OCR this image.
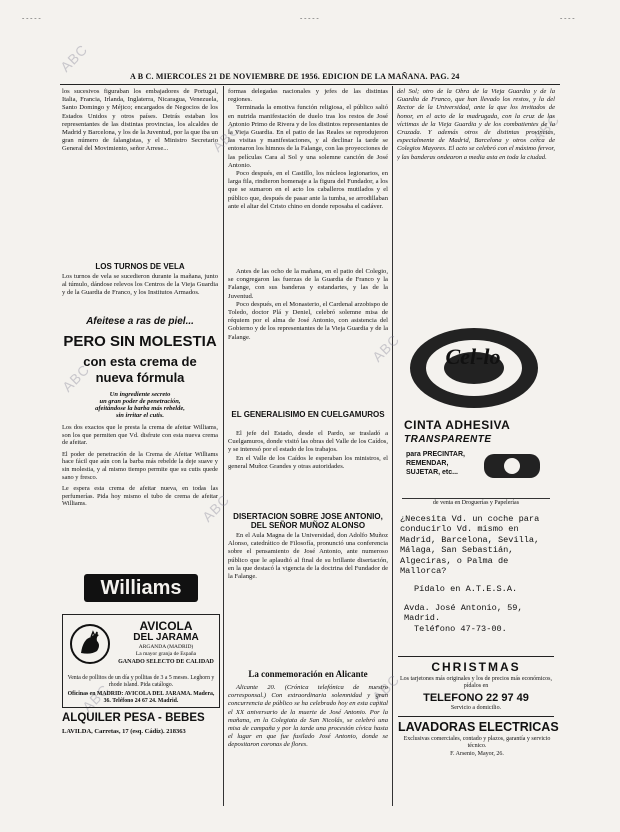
- - - - -	- - - - -	- - - -
A B C. MIERCOLES 21 DE NOVIEMBRE DE 1956. EDICION DE LA MAÑANA. PAG. 24
ABC
ABC	ABC
ABC
ABC
ABC
ABC	ABC

los sucesivos figuraban los embajadores de Portugal, Italia, Francia, Irlanda, Inglaterra, Nicaragua, Venezuela, Santo Domingo y Méjico; encargados de Negocios de los Estados Unidos y otros países. Detrás estaban los representantes de las distintas provincias, los alcaldes de Madrid y Barcelona, y los de la Juventud, por la que iba un gran número de falangistas, y el Ministro Secretario General del Movimiento, señor Arrese...

LOS TURNOS DE VELA

Los turnos de vela se sucedieron durante la mañana, junto al túmulo, dándose relevos los Centros de la Vieja Guardia y de la Guardia de Franco, y los Institutos Armados.

Afeitese a ras de piel...
PERO SIN MOLESTIA
con esta crema de
nueva fórmula
Un ingrediente secreto
un gran poder de penetración,
afeitándose la barba más rebelde,
sin irritar el cutis.
Los dos exactos que le presta la crema de afeitar Williams, son los que permiten que Vd. disfrute con esta nueva crema de afeitar.
El poder de penetración de la Crema de Afeitar Williams hace fácil que aún con la barba más rebelde la deje suave y sin molestia, y al mismo tiempo permite que su cutis quede sano y fresco.
Le espera esta crema de afeitar nueva, en todas las perfumerías. Pida hoy mismo el tubo de crema de afeitar Williams.
Williams
AVICOLA
DEL JARAMA
ARGANDA (MADRID)
La mayor granja de España
GANADO SELECTO DE CALIDAD
Venta de pollitos de un día y pollitas de 3 a 5 meses. Leghorn y rhode island. Pida catálogo.
Oficinas en MADRID: AVICOLA DEL JARAMA. Madera, 36. Teléfono 24 67 24. Madrid.
ALQUILER PESA - BEBES
LAVILDA, Carretas, 17 (esq. Cádiz). 218363

formas delegadas nacionales y jefes de las distintas regiones.

Terminada la emotiva función religiosa, el público salió en nutrida manifestación de duelo tras los restos de José Antonio Primo de Rivera y de los distintos representantes de la Vieja Guardia. En el patio de las Reales se reprodujeron las visitas y manifestaciones, y al declinar la tarde se entonaron los himnos de la Falange, con las proyecciones de las películas Cara al Sol y una solemne canción de José Antonio.

Poco después, en el Castillo, los núcleos legionarios, en larga fila, rindieron homenaje a la figura del Fundador, a los que se sumaron en el acto los caballeros mutilados y el público que, después de pasar ante la tumba, se arrodillaban ante el altar del Cristo chino en donde reposaba el cadáver.

Antes de las ocho de la mañana, en el patio del Colegio, se congregaron las fuerzas de la Guardia de Franco y la Falange, con sus banderas y estandartes, y las de la Juventud.

Poco después, en el Monasterio, el Cardenal arzobispo de Toledo, doctor Plá y Deniel, celebró solemne misa de réquiem por el alma de José Antonio, con asistencia del Gobierno y de los representantes de la Vieja Guardia y de la Falange.

EL GENERALISIMO EN CUELGAMUROS

El jefe del Estado, desde el Pardo, se trasladó a Cuelgamuros, donde visitó las obras del Valle de los Caídos, y se interesó por el estado de los trabajos.

En el Valle de los Caídos le esperaban los ministros, el general Muñoz Grandes y otras autoridades.

DISERTACION SOBRE JOSE ANTONIO, DEL SEÑOR MUÑOZ ALONSO

En el Aula Magna de la Universidad, don Adolfo Muñoz Alonso, catedrático de Filosofía, pronunció una conferencia sobre el pensamiento de José Antonio, ante numeroso público que le aplaudió al final de su brillante disertación, en la que destacó la vigencia de la doctrina del Fundador de la Falange.

La conmemoración en Alicante

Alicante 20. (Crónica telefónica de nuestro corresponsal.) Con extraordinaria solemnidad y gran concurrencia de público se ha celebrado hoy en esta capital el XX aniversario de la muerte de José Antonio. Por la mañana, en la Colegiata de San Nicolás, se celebró una misa de campaña y por la tarde una procesión cívica hasta el lugar en que fue fusilado José Antonio, donde se depositaron coronas de flores.

del Sol; otro de la Obra de la Vieja Guardia y de la Guardia de Franco, que han llevado los restos, y la del Rector de la Universidad, ante la que los invitados de honor, en el acto de la madrugada, con la cruz de las víctimas de la Vieja Guardia y de los combatientes de la Cruzada. Y además otros de distintas provincias, especialmente de Madrid, Barcelona y otros cerca de Colegios Mayores. El acto se celebró con el máximo fervor, y las banderas ondearon a media asta en toda la ciudad.

Cel-lo
CINTA ADHESIVA
TRANSPARENTE
para PRECINTAR, REMENDAR, SUJETAR, etc...
de venta en Droguerías y Papelerías
¿Necesita Vd. un coche para conducirlo Vd. mismo en Madrid, Barcelona, Sevilla, Málaga, San Sebastián, Algeciras, o Palma de Mallorca?
Pídalo en A.T.E.S.A.
Avda. José Antonio, 59, Madrid.
Teléfono 47-73-00.
CHRISTMAS
Los tarjetones más originales y los de precios más económicos, pídalos en
TELEFONO 22 97 49
Servicio a domicilio.
LAVADORAS ELECTRICAS
Exclusivas comerciales, contado y plazos, garantía y servicio técnico.
F. Arsenio, Mayor, 26.
